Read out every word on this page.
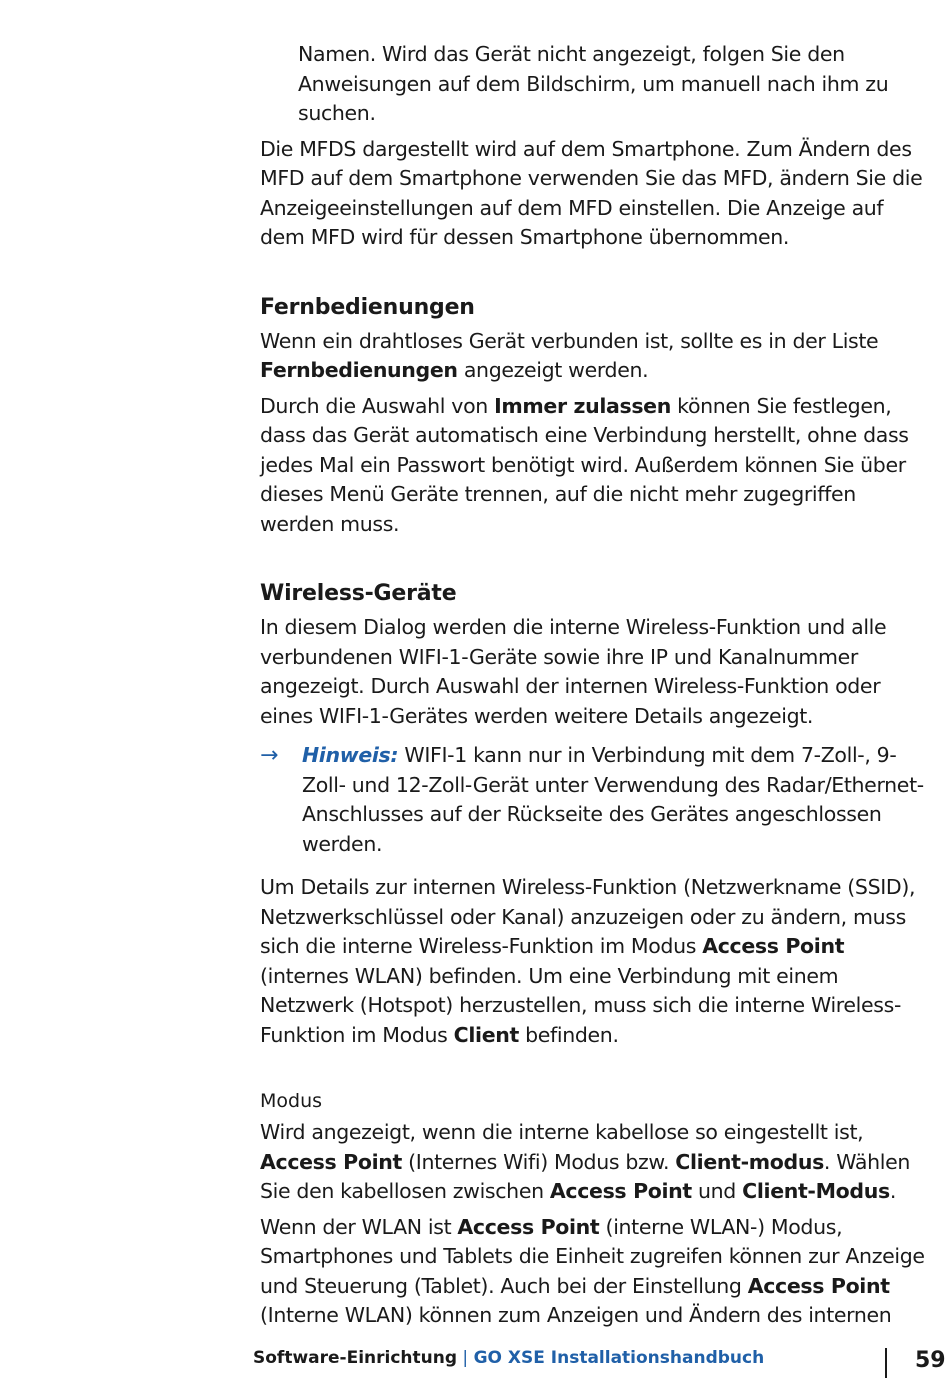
Namen. Wird das Gerät nicht angezeigt, folgen Sie den Anweisungen auf dem Bildschirm, um manuell nach ihm zu suchen.

Die MFDS dargestellt wird auf dem Smartphone. Zum Ändern des MFD auf dem Smartphone verwenden Sie das MFD, ändern Sie die Anzeigeeinstellungen auf dem MFD einstellen. Die Anzeige auf dem MFD wird für dessen Smartphone übernommen.

Fernbedienungen

Wenn ein drahtloses Gerät verbunden ist, sollte es in der Liste Fernbedienungen angezeigt werden.

Durch die Auswahl von Immer zulassen können Sie festlegen, dass das Gerät automatisch eine Verbindung herstellt, ohne dass jedes Mal ein Passwort benötigt wird. Außerdem können Sie über dieses Menü Geräte trennen, auf die nicht mehr zugegriffen werden muss.

Wireless-Geräte

In diesem Dialog werden die interne Wireless-Funktion und alle verbundenen WIFI-1-Geräte sowie ihre IP und Kanalnummer angezeigt. Durch Auswahl der internen Wireless-Funktion oder eines WIFI-1-Gerätes werden weitere Details angezeigt.

→ Hinweis: WIFI-1 kann nur in Verbindung mit dem 7-Zoll-, 9-Zoll- und 12-Zoll-Gerät unter Verwendung des Radar/Ethernet-Anschlusses auf der Rückseite des Gerätes angeschlossen werden.

Um Details zur internen Wireless-Funktion (Netzwerkname (SSID), Netzwerkschlüssel oder Kanal) anzuzeigen oder zu ändern, muss sich die interne Wireless-Funktion im Modus Access Point (internes WLAN) befinden. Um eine Verbindung mit einem Netzwerk (Hotspot) herzustellen, muss sich die interne Wireless-Funktion im Modus Client befinden.

Modus

Wird angezeigt, wenn die interne kabellose so eingestellt ist, Access Point (Internes Wifi) Modus bzw. Client-modus. Wählen Sie den kabellosen zwischen Access Point und Client-Modus.

Wenn der WLAN ist Access Point (interne WLAN-) Modus, Smartphones und Tablets die Einheit zugreifen können zur Anzeige und Steuerung (Tablet). Auch bei der Einstellung Access Point (Interne WLAN) können zum Anzeigen und Ändern des internen

Software-Einrichtung | GO XSE Installationshandbuch	59
